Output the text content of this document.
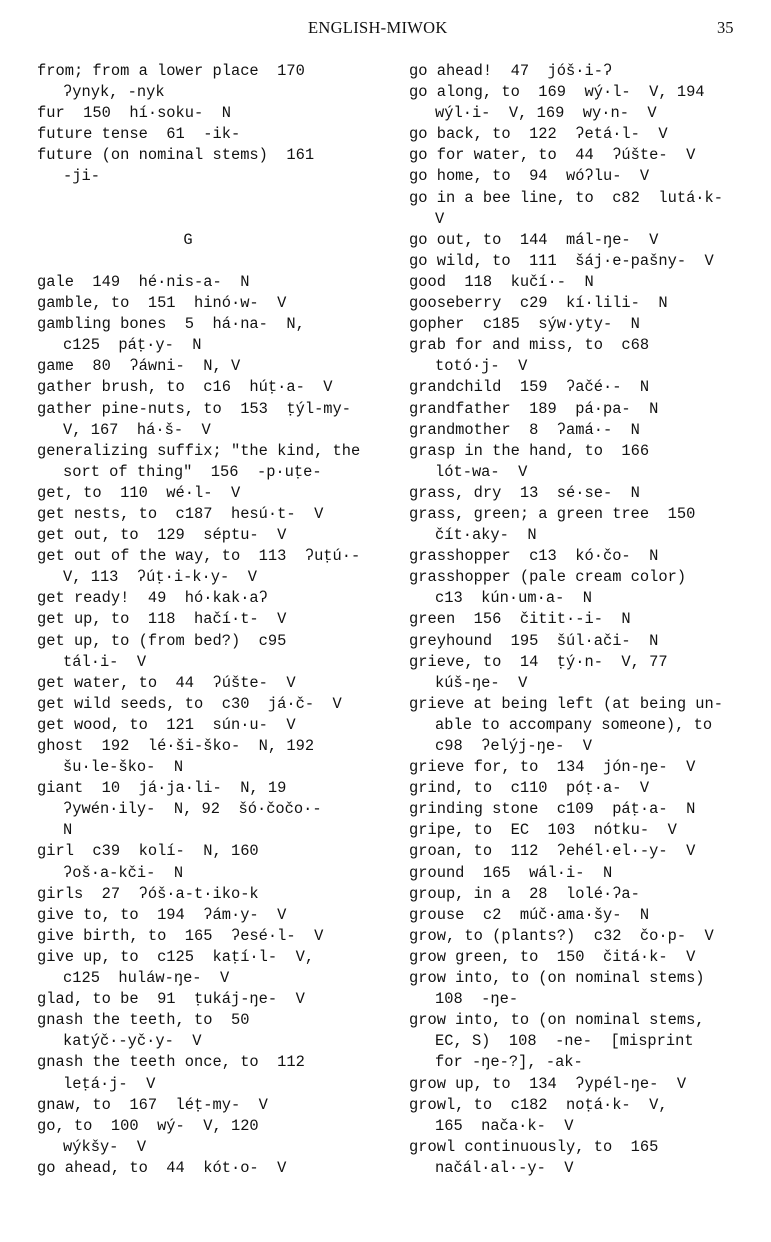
ENGLISH-MIWOK	35
from; from a lower place  170
ʔynyk, -nyk
fur  150  hí·soku-  N
future tense  61  -ik-
future (on nominal stems)  161
-ji-
G
gale  149  hé·nis-a-  N
gamble, to  151  hinó·w-  V
gambling bones  5  há·na-  N,
c125  páṭ·y-  N
game  80  ʔáwni-  N, V
gather brush, to  c16  húṭ·a-  V
gather pine-nuts, to  153  ṭýl-my-
V, 167  há·š-  V
generalizing suffix; "the kind, the
sort of thing"  156  -p·uṭe-
get, to  110  wé·l-  V
get nests, to  c187  hesú·t-  V
get out, to  129  séptu-  V
get out of the way, to  113  ʔuṭú·-
V, 113  ʔúṭ·i-k·y-  V
get ready!  49  hó·kak·aʔ
get up, to  118  hačí·t-  V
get up, to (from bed?)  c95
tál·i-  V
get water, to  44  ʔúšte-  V
get wild seeds, to  c30  já·č-  V
get wood, to  121  sún·u-  V
ghost  192  lé·ši-ško-  N, 192
šu·le-ško-  N
giant  10  já·ja·li-  N, 19
ʔywén·ily-  N, 92  šó·čočo·-
N
girl  c39  kolí-  N, 160
ʔoš·a-kči-  N
girls  27  ʔóš·a-t·iko-k
give to, to  194  ʔám·y-  V
give birth, to  165  ʔesé·l-  V
give up, to  c125  kaṭí·l-  V,
c125  huláw-ŋe-  V
glad, to be  91  ṭukáj-ŋe-  V
gnash the teeth, to  50
katýč·-yč·y-  V
gnash the teeth once, to  112
leṭá·j-  V
gnaw, to  167  léṭ-my-  V
go, to  100  wý-  V, 120
wýkšy-  V
go ahead, to  44  kót·o-  V
go ahead!  47  jóš·i-ʔ
go along, to  169  wý·l-  V, 194
wýl·i-  V, 169  wy·n-  V
go back, to  122  ʔetá·l-  V
go for water, to  44  ʔúšte-  V
go home, to  94  wóʔlu-  V
go in a bee line, to  c82  lutá·k-
V
go out, to  144  mál-ŋe-  V
go wild, to  111  šáj·e-pašny-  V
good  118  kučí·-  N
gooseberry  c29  kí·lili-  N
gopher  c185  sýw·yty-  N
grab for and miss, to  c68
totó·j-  V
grandchild  159  ʔačé·-  N
grandfather  189  pá·pa-  N
grandmother  8  ʔamá·-  N
grasp in the hand, to  166
lót-wa-  V
grass, dry  13  sé·se-  N
grass, green; a green tree  150
čít·aky-  N
grasshopper  c13  kó·čo-  N
grasshopper (pale cream color)
c13  kún·um·a-  N
green  156  čitit·-i-  N
greyhound  195  šúl·ači-  N
grieve, to  14  ṭý·n-  V, 77
kúš-ŋe-  V
grieve at being left (at being un-
able to accompany someone), to
c98  ʔelýj-ŋe-  V
grieve for, to  134  jón-ŋe-  V
grind, to  c110  póṭ·a-  V
grinding stone  c109  páṭ·a-  N
gripe, to  EC  103  nótku-  V
groan, to  112  ʔehél·el·-y-  V
ground  165  wál·i-  N
group, in a  28  lolé·ʔa-
grouse  c2  múč·ama·šy-  N
grow, to (plants?)  c32  čo·p-  V
grow green, to  150  čitá·k-  V
grow into, to (on nominal stems)
108  -ŋe-
grow into, to (on nominal stems,
EC, S)  108  -ne-  [misprint
for -ŋe-?], -ak-
grow up, to  134  ʔypél-ŋe-  V
growl, to  c182  noṭá·k-  V,
165  nača·k-  V
growl continuously, to  165
načál·al·-y-  V
